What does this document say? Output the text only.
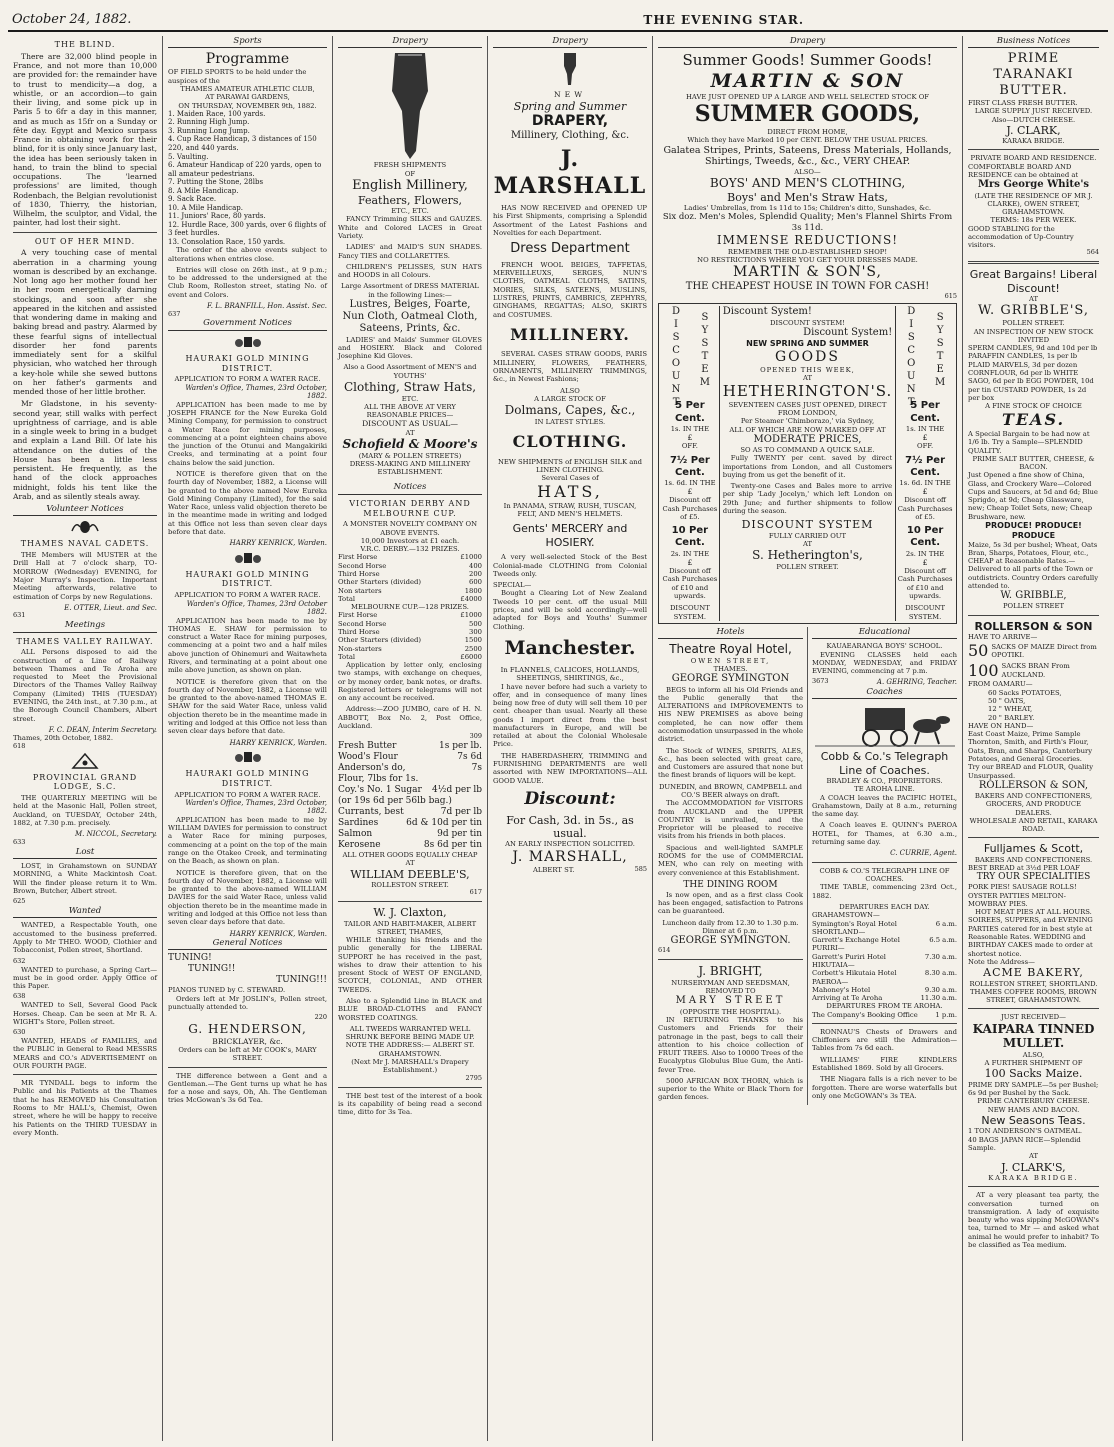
October 24, 1882.	THE EVENING STAR.
THE BLIND.

There are 32,000 blind people in France, and not more than 10,000 are provided for: the remainder have to trust to mendicity—a dog, a whistle, or an accordion—to gain their living, and some pick up in Paris 5 to 6fr a day in this manner, and as much as 15fr on a Sunday or fête day. Egypt and Mexico surpass France in obtaining work for their blind, for it is only since January last, the idea has been seriously taken in hand, to train the blind to special occupations. The 'learned professions' are limited, though Rodenbach, the Belgian revolutionist of 1830, Thierry, the historian, Wilhelm, the sculptor, and Vidal, the painter, had lost their sight.

OUT OF HER MIND.

A very touching case of mental aberration in a charming young woman is described by an exchange. Not long ago her mother found her in her room energetically darning stockings, and soon after she appeared in the kitchen and assisted that wondering dame in making and baking bread and pastry. Alarmed by these fearful signs of intellectual disorder her fond parents immediately sent for a skilful physician, who watched her through a key-hole while she sewed buttons on her father's garments and mended those of her little brother.

Mr Gladstone, in his seventy-second year, still walks with perfect uprightness of carriage, and is able in a single week to bring in a budget and explain a Land Bill. Of late his attendance on the duties of the House has been a little less persistent. He frequently, as the hand of the clock approaches midnight, folds his tent like the Arab, and as silently steals away.

Volunteer Notices
THAMES NAVAL CADETS.

THE Members will MUSTER at the Drill Hall at 7 o'clock sharp, TO-MORROW (Wednesday) EVENING, for Major Murray's Inspection. Important Meeting afterwards, relative to estimation of Corps by new Regulations.

E. OTTER, Lieut. and Sec.

631

Meetings
THAMES VALLEY RAILWAY.

ALL Persons disposed to aid the construction of a Line of Railway between Thames and Te Aroha are requested to Meet the Provisional Directors of the Thames Valley Railway Company (Limited) THIS (TUESDAY) EVENING, the 24th inst., at 7.30 p.m., at the Borough Council Chambers, Albert street.

F. C. DEAN, Interim Secretary.

Thames, 20th October, 1882.

618

PROVINCIAL GRAND LODGE, S.C.

THE QUARTERLY MEETING will be held at the Masonic Hall, Pollen street, Auckland, on TUESDAY, October 24th, 1882, at 7.30 p.m. precisely.

M. NICCOL, Secretary.

633

Lost

LOST, in Grahamstown on SUNDAY MORNING, a White Mackintosh Coat. Will the finder please return it to Wm. Brown, Butcher, Albert street.

625

Wanted

WANTED, a Respectable Youth, one accustomed to the business preferred. Apply to Mr THEO. WOOD, Clothier and Tobacconist, Pollen street, Shortland.

632

WANTED to purchase, a Spring Cart—must be in good order. Apply Office of this Paper.

638

WANTED to Sell, Several Good Pack Horses. Cheap. Can be seen at Mr R. A. WIGHT's Store, Pollen street.

630

WANTED, HEADS of FAMILIES, and the PUBLIC in General to Read MESSRS MEARS and CO.'s ADVERTISEMENT on OUR FOURTH PAGE.

MR TYNDALL begs to inform the Public and his Patients at the Thames that he has REMOVED his Consultation Rooms to Mr HALL's, Chemist, Owen street, where he will be happy to receive his Patients on the THIRD TUESDAY in every Month.

Sports
Programme

OF FIELD SPORTS to be held under the auspices of the

THAMES AMATEUR ATHLETIC CLUB,

AT PARAWAI GARDENS,

ON THURSDAY, NOVEMBER 9th, 1882.

1. Maiden Race, 100 yards.
2. Running High Jump.
3. Running Long Jump.
4. Cup Race Handicap, 3 distances of 150 220, and 440 yards.
5. Vaulting.
6. Amateur Handicap of 220 yards, open to all amateur pedestrians.
7. Putting the Stone, 28lbs
8. A Mile Handicap.
9. Sack Race.
10. A Mile Handicap.
11. Juniors' Race, 80 yards.
12. Hurdle Race, 300 yards, over 6 flights of 3 feet hurdles.
13. Consolation Race, 150 yards.

The order of the above events subject to alterations when entries close.

Entries will close on 26th inst., at 9 p.m.; to be addressed to the undersigned at the Club Room, Rolleston street, stating No. of event and Colors.

F. L. BRANFILL, Hon. Assist. Sec.

637

Government Notices
HAURAKI GOLD MINING DISTRICT.

APPLICATION TO FORM A WATER RACE.

Warden's Office, Thames, 23rd October, 1882.

APPLICATION has been made to me by JOSEPH FRANCE for the New Eureka Gold Mining Company, for permission to construct a Water Race for mining purposes, commencing at a point eighteen chains above the junction of the Otunui and Mangakiriki Creeks, and terminating at a point four chains below the said junction.

NOTICE is therefore given that on the fourth day of November, 1882, a License will be granted to the above named New Eureka Gold Mining Company (Limited), for the said Water Race, unless valid objection thereto be in the meantime made in writing and lodged at this Office not less than seven clear days before that date.

HARRY KENRICK, Warden.

HAURAKI GOLD MINING DISTRICT.

APPLICATION TO FORM A WATER RACE.

Warden's Office, Thames, 23rd October 1882.

APPLICATION has been made to me by THOMAS E. SHAW for permission to construct a Water Race for mining purposes, commencing at a point two and a half miles above junction of Ohinemuri and Waitawheta Rivers, and terminating at a point about one mile above junction, as shown on plan.

NOTICE is therefore given that on the fourth day of November, 1882, a License will be granted to the above-named THOMAS E. SHAW for the said Water Race, unless valid objection thereto be in the meantime made in writing and lodged at this Office not less than seven clear days before that date.

HARRY KENRICK, Warden.

HAURAKI GOLD MINING DISTRICT.

APPLICATION TO FORM A WATER RACE.

Warden's Office, Thames, 23rd October, 1882.

APPLICATION has been made to me by WILLIAM DAVIES for permission to construct a Water Race for mining purposes, commencing at a point on the top of the main range on the Otakeo Creek, and terminating on the Beach, as shown on plan.

NOTICE is therefore given, that on the fourth day of November, 1882, a License will be granted to the above-named WILLIAM DAVIES for the said Water Race, unless valid objection thereto be in the meantime made in writing and lodged at this Office not less than seven clear days before that date.

HARRY KENRICK, Warden.

General Notices

TUNING!

TUNING!!

TUNING!!!

PIANOS TUNED by C. STEWARD.

Orders left at Mr JOSLIN's, Pollen street, punctually attended to.

220

G. HENDERSON,

BRICKLAYER, &c.

Orders can be left at Mr COOK's, MARY STREET.

THE difference between a Gent and a Gentleman.—The Gent turns up what he has for a nose and says, Oh, Ah. The Gentleman tries McGowan's 3s 6d Tea.

Drapery

FRESH SHIPMENTS

OF

English Millinery,

Feathers, Flowers,

ETC., ETC.

FANCY Trimming SILKS and GAUZES. White and Colored LACES in Great Variety.

LADIES' and MAID'S SUN SHADES. Fancy TIES and COLLARETTES.

CHILDREN'S PELISSES, SUN HATS and HOODS in all Colours.

Large Assortment of DRESS MATERIAL in the following Lines:—

Lustres, Beiges, Foarte, Nun Cloth, Oatmeal Cloth, Sateens, Prints, &c.

LADIES' and Maids' Summer GLOVES and HOSIERY. Black and Colored Josephine Kid Gloves.

Also a Good Assortment of MEN'S and YOUTHS'

Clothing, Straw Hats,

ETC.

ALL THE ABOVE AT VERY REASONABLE PRICES—

DISCOUNT AS USUAL—

AT

Schofield & Moore's

(MARY & POLLEN STREETS)

DRESS-MAKING AND MILLINERY ESTABLISHMENT.

Notices
VICTORIAN DERBY AND MELBOURNE CUP.

A MONSTER NOVELTY COMPANY ON ABOVE EVENTS.

10,000 Investors at £1 each.

V.R.C. DERBY.—132 PRIZES.

First Horse	£1000
Second Horse	400
Third Horse	200
Other Starters (divided)	600
Non starters	1800
Total	£4000

MELBOURNE CUP.—128 PRIZES.

First Horse	£1000
Second Horse	500
Third Horse	300
Other Starters (divided)	1500
Non-starters	2500
Total	£6000

Application by letter only, enclosing two stamps, with exchange on cheques, or by money order, bank notes, or drafts. Registered letters or telegrams will not on any account be received.

Address:—ZOO JUMBO, care of H. N. ABBOTT, Box No. 2, Post Office, Auckland.

309

Fresh Butter	1s per lb.
Wood's Flour	7s 6d
Anderson's do,	7s
Flour, 7lbs for 1s.
Coy.'s No. 1 Sugar 4½d per lb
(or 19s 6d per 56lb bag.)
Currants, best	7d per lb
Sardines	6d & 10d per tin
Salmon	9d per tin
Kerosene	8s 6d per tin

ALL OTHER GOODS EQUALLY CHEAP

AT

WILLIAM DEEBLE'S,

ROLLESTON STREET.

617

W. J. Claxton,

TAILOR AND HABIT-MAKER, ALBERT STREET, THAMES,

WHILE thanking his friends and the public generally for the LIBERAL SUPPORT he has received in the past, wishes to draw their attention to his present Stock of WEST OF ENGLAND, SCOTCH, COLONIAL, AND OTHER TWEEDS.

Also to a Splendid Line in BLACK and BLUE BROAD-CLOTHS and FANCY WORSTED COATINGS.

ALL TWEEDS WARRANTED WELL SHRUNK BEFORE BEING MADE UP.

NOTE THE ADDRESS:— ALBERT ST. GRAHAMSTOWN.

(Next Mr J. MARSHALL's Drapery Establishment.)

2795

THE best test of the interest of a book is its capability of being read a second time, ditto for 3s Tea.

Drapery

NEW

Spring and Summer

DRAPERY,

Millinery, Clothing, &c.

J. MARSHALL

HAS NOW RECEIVED and OPENED UP his First Shipments, comprising a Splendid Assortment of the Latest Fashions and Novelties for each Department.

Dress Department

FRENCH WOOL BEIGES, TAFFETAS, MERVEILLEUXS, SERGES, NUN'S CLOTHS, OATMEAL CLOTHS, SATINS, MORIES, SILKS, SATEENS, MUSLINS, LUSTRES, PRINTS, CAMBRICS, ZEPHYRS, GINGHAMS, REGATTAS; ALSO, SKIRTS and COSTUMES.

MILLINERY.

SEVERAL CASES STRAW GOODS, PARIS MILLINERY, FLOWERS, FEATHERS, ORNAMENTS, MILLINERY TRIMMINGS, &c., in Newest Fashions;

ALSO

A LARGE STOCK OF

Dolmans, Capes, &c.,

IN LATEST STYLES.

CLOTHING.

NEW SHIPMENTS of ENGLISH SILK and LINEN CLOTHING.

Several Cases of

HATS,

In PANAMA, STRAW, RUSH, TUSCAN, FELT, AND MEN'S HELMETS.

Gents' MERCERY and HOSIERY.

A very well-selected Stock of the Best Colonial-made CLOTHING from Colonial Tweeds only.

SPECIAL—

Bought a Clearing Lot of New Zealand Tweeds 10 per cent. off the usual Mill prices, and will be sold accordingly—well adapted for Boys and Youths' Summer Clothing.

Manchester.

In FLANNELS, CALICOES, HOLLANDS, SHEETINGS, SHIRTINGS, &c.,

I have never before had such a variety to offer, and in consequence of many lines being now free of duty will sell them 10 per cent. cheaper than usual. Nearly all these goods I import direct from the best manufacturers in Europe, and will be retailed at about the Colonial Wholesale Price.

THE HABERDASHERY, TRIMMING and FURNISHING DEPARTMENTS are well assorted with NEW IMPORTATIONS—ALL GOOD VALUE.

Discount:

For Cash, 3d. in 5s., as usual.

AN EARLY INSPECTION SOLICITED.

J. MARSHALL,

ALBERT ST.	585
Drapery

Summer Goods! Summer Goods!

MARTIN & SON

HAVE JUST OPENED UP A LARGE AND WELL SELECTED STOCK OF

SUMMER GOODS,

DIRECT FROM HOME,

Which they have Marked 10 per CENT. BELOW THE USUAL PRICES.

Galatea Stripes, Prints, Sateens, Dress Materials, Hollands, Shirtings, Tweeds, &c., &c., VERY CHEAP.

ALSO—

BOYS' AND MEN'S CLOTHING,

Boys' and Men's Straw Hats,

Ladies' Umbrellas, from 1s 11d to 15s; Children's ditto, Sunshades, &c.

Six doz. Men's Moles, Splendid Quality; Men's Flannel Shirts From 3s 11d.

IMMENSE REDUCTIONS!

REMEMBER THE OLD-ESTABLISHED SHOP!

NO RESTRICTIONS WHERE YOU GET YOUR DRESSES MADE.

MARTIN & SON'S,

THE CHEAPEST HOUSE IN TOWN FOR CASH!

615

DISCOUNT SYSTEM
5 Per Cent.
1s. IN THE
£
OFF.
7½ Per Cent.
1s. 6d. IN THE
£
Discount off Cash Purchases of £5.
10 Per Cent.
2s. IN THE
£
Discount off Cash Purchases of £10 and upwards.

DISCOUNT SYSTEM.

Discount System!

DISCOUNT SYSTEM!

Discount System!

NEW SPRING AND SUMMER

GOODS

OPENED THIS WEEK,

AT

HETHERINGTON'S.

SEVENTEEN CASES JUST OPENED, DIRECT FROM LONDON,

Per Steamer 'Chimborazo,' via Sydney,

ALL OF WHICH ARE NOW MARKED OFF AT

MODERATE PRICES,

SO AS TO COMMAND A QUICK SALE.

Fully TWENTY per cent. saved by direct importations from London, and all Customers buying from us get the benefit of it.

Twenty-one Cases and Bales more to arrive per ship 'Lady Jocelyn,' which left London on 29th June; and further shipments to follow during the season.

DISCOUNT SYSTEM

FULLY CARRIED OUT

AT

S. Hetherington's,

POLLEN STREET.

DISCOUNT SYSTEM
5 Per Cent.
1s. IN THE
£
OFF.
7½ Per Cent.
1s. 6d. IN THE
£
Discount off Cash Purchases of £5.
10 Per Cent.
2s. IN THE
£
Discount off Cash Purchases of £10 and upwards.

DISCOUNT SYSTEM.

Hotels

Theatre Royal Hotel,

OWEN STREET,

THAMES.

GEORGE SYMINGTON

BEGS to inform all his Old Friends and the Public generally that the ALTERATIONS and IMPROVEMENTS to HIS NEW PREMISES as above being completed, he can now offer them accommodation unsurpassed in the whole district.

The Stock of WINES, SPIRITS, ALES, &c., has been selected with great care, and Customers are assured that none but the finest brands of liquors will be kept.

DUNEDIN, and BROWN, CAMPBELL and CO.'S BEER always on draft.

The ACCOMMODATION for VISITORS from AUCKLAND and the UPPER COUNTRY is unrivalled, and the Proprietor will be pleased to receive visits from his friends in both places.

Spacious and well-lighted SAMPLE ROOMS for the use of COMMERCIAL MEN, who can rely on meeting with every convenience at this Establishment.

THE DINING ROOM

Is now open, and as a first class Cook has been engaged, satisfaction to Patrons can be guaranteed.

Luncheon daily from 12.30 to 1.30 p.m. Dinner at 6 p.m.

GEORGE SYMINGTON.

614

J. BRIGHT,

NURSERYMAN AND SEEDSMAN, REMOVED TO

MARY STREET

(OPPOSITE THE HOSPITAL).

IN RETURNING THANKS to his Customers and Friends for their patronage in the past, begs to call their attention to his choice collection of FRUIT TREES. Also to 10000 Trees of the Eucalyptus Globulus Blue Gum, the Anti-fever Tree.

5000 AFRICAN BOX THORN, which is superior to the White or Black Thorn for garden fences.

Educational

KAUAEARANGA BOYS' SCHOOL.

EVENING CLASSES held each MONDAY, WEDNESDAY, and FRIDAY EVENING, commencing at 7 p.m.

3673	A. GEHRING, Teacher.
Coaches

Cobb & Co.'s Telegraph Line of Coaches.

BRADLEY & CO., PROPRIETORS.

TE AROHA LINE.

A COACH leaves the PACIFIC HOTEL, Grahamstown, Daily at 8 a.m., returning the same day.

A Coach leaves E. QUINN's PAEROA HOTEL, for Thames, at 6.30 a.m., returning same day.

C. CURRIE, Agent.

COBB & CO.'S TELEGRAPH LINE OF COACHES.

TIME TABLE, commencing 23rd Oct., 1882.

DEPARTURES EACH DAY.

GRAHAMSTOWN—
Symington's Royal Hotel	6 a.m.
SHORTLAND—
Garrett's Exchange Hotel	6.5 a.m.
PURIRI—
Garrett's Puriri Hotel	7.30 a.m.
HIKUTAIA—
Corbett's Hikutaia Hotel	8.30 a.m.
PAEROA—
Mahoney's Hotel	9.30 a.m.
Arriving at Te Aroha	11.30 a.m.

DEPARTURES FROM TE AROHA.

The Company's Booking Office	1 p.m.

RONNAU'S Chests of Drawers and Chiffoniers are still the Admiration—Tables from 7s 6d each.

WILLIAMS' FIRE KINDLERS Established 1869. Sold by all Grocers.

THE Niagara falls is a rich never to be forgotten. There are worse waterfalls but only one McGOWAN's 3s TEA.

Business Notices

PRIME TARANAKI BUTTER.

FIRST CLASS FRESH BUTTER.

LARGE SUPPLY JUST RECEIVED.

Also—DUTCH CHEESE.

J. CLARK,

KARAKA BRIDGE.

PRIVATE BOARD AND RESIDENCE.

COMFORTABLE BOARD AND RESIDENCE can be obtained at

Mrs George White's

(LATE THE RESIDENCE OF MR J. CLARKE), OWEN STREET, GRAHAMSTOWN.

TERMS: 18s PER WEEK.

GOOD STABLING for the accommodation of Up-Country visitors.

564

Great Bargains! Liberal Discount!

AT

W. GRIBBLE'S,

POLLEN STREET.

AN INSPECTION OF NEW STOCK INVITED

SPERM CANDLES, 9d and 10d per lb PARAFFIN CANDLES, 1s per lb PLAID MARVELS, 3d per dozen CORNFLOUR, 6d per lb WHITE SAGO, 6d per lb EGG POWDER, 10d per tin CUSTARD POWDER, 1s 2d per box

A FINE STOCK OF CHOICE

TEAS.

A Special Bargain to be had now at 1/6 lb. Try a Sample—SPLENDID QUALITY.

PRIME SALT BUTTER, CHEESE, & BACON.

Just Opened a fine show of China, Glass, and Crockery Ware—Colored Cups and Saucers, at 5d and 6d; Blue Sprigdo, at 9d; Cheap Glassware, new; Cheap Toilet Sets, new; Cheap Brushware, new.

PRODUCE! PRODUCE! PRODUCE

Maize, 5s 3d per bushel; Wheat, Oats Bran, Sharps, Potatoes, Flour, etc., CHEAP at Reasonable Rates.—Delivered to all parts of the Town or outdistricts. Country Orders carefully attended to.

W. GRIBBLE,

POLLEN STREET

ROLLERSON & SON

HAVE TO ARRIVE—

50 SACKS OF MAIZE Direct from OPOTIKI.
100 SACKS BRAN From AUCKLAND.

FROM OAMARU—

60 Sacks POTATOES,
50 " OATS,
12 " WHEAT,
20 " BARLEY.

HAVE ON HAND—

East Coast Maize, Prime Sample Thornton, Smith, and Firth's Flour, Oats, Bran, and Sharps, Canterbury Potatoes, and General Groceries.

Try our BREAD and FLOUR, Quality Unsurpassed.

ROLLERSON & SON,

BAKERS AND CONFECTIONERS, GROCERS, AND PRODUCE DEALERS.

WHOLESALE AND RETAIL, KARAKA ROAD.

Fulljames & Scott,

BAKERS AND CONFECTIONERS.

BEST BREAD at 3½d PER LOAF

TRY OUR SPECIALITIES

PORK PIES! SAUSAGE ROLLS! OYSTER PATTIES MELTON-MOWBRAY PIES.

HOT MEAT PIES AT ALL HOURS.

SOIREES, SUPPERS, and EVENING PARTIES catered for in best style at Reasonable Rates. WEDDING and BIRTHDAY CAKES made to order at shortest notice.

Note the Address—

ACME BAKERY,

ROLLESTON STREET, SHORTLAND. THAMES COFFEE ROOMS, BROWN STREET, GRAHAMSTOWN.

JUST RECEIVED—

KAIPARA TINNED MULLET.

ALSO,

A FURTHER SHIPMENT OF

100 Sacks Maize.

PRIME DRY SAMPLE—5s per Bushel; 6s 9d per Bushel by the Sack.

PRIME CANTERBURY CHEESE.

NEW HAMS AND BACON.

New Seasons Teas.

1 TON ANDERSON'S OATMEAL.

40 BAGS JAPAN RICE—Splendid Sample.

AT

J. CLARK'S,

KARAKA BRIDGE.

AT a very pleasant tea party, the conversation turned on transmigration. A lady of exquisite beauty who was sipping McGOWAN's tea, turned to Mr — and asked what animal he would prefer to inhabit? To be classified as Tea medium.
